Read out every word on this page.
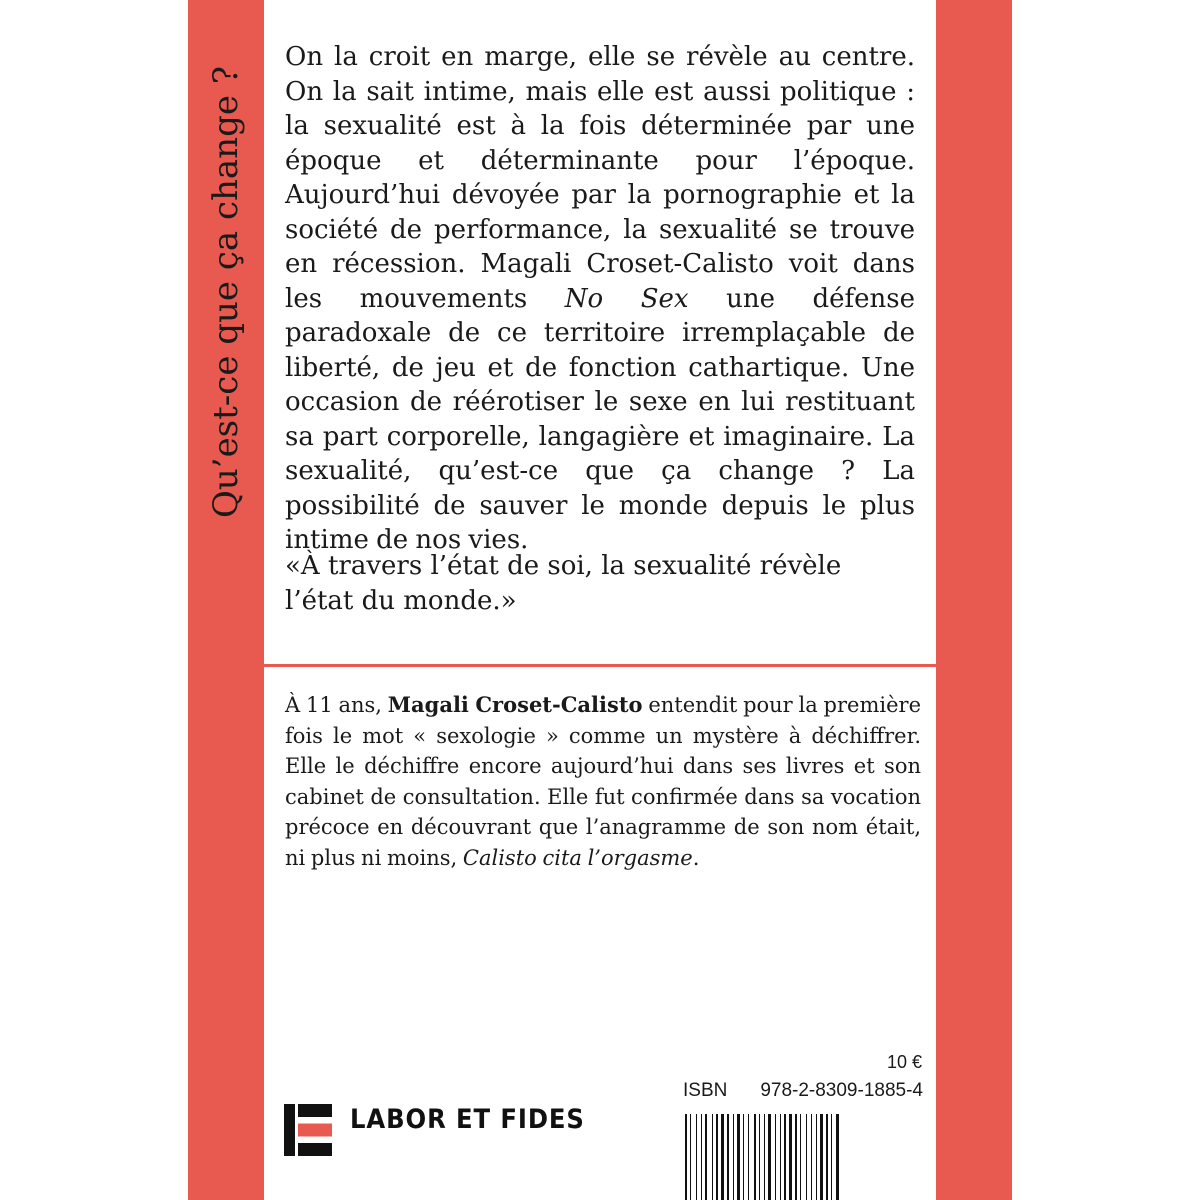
Qu’est-ce que ça change ?

On la croit en marge, elle se révèle au centre. On la sait intime, mais elle est aussi politique : la sexualité est à la fois déterminée par une époque et déterminante pour l’époque. Aujourd’hui dévoyée par la pornographie et la société de performance, la sexualité se trouve en récession. Magali Croset-Calisto voit dans les mouvements No Sex une défense paradoxale de ce territoire irremplaçable de liberté, de jeu et de fonction cathartique. Une occasion de réérotiser le sexe en lui restituant sa part corporelle, langagière et imaginaire. La sexualité, qu’est-ce que ça change ? La possibilité de sauver le monde depuis le plus intime de nos vies.

«À travers l’état de soi, la sexualité révèle l’état du monde.»

À 11 ans, Magali Croset-Calisto entendit pour la première fois le mot « sexologie » comme un mystère à déchiffrer. Elle le déchiffre encore aujourd’hui dans ses livres et son cabinet de consultation. Elle fut confirmée dans sa vocation précoce en découvrant que l’anagramme de son nom était, ni plus ni moins, Calisto cita l’orgasme.

LABOR ET FIDES
10 €
ISBN 978-2-8309-1885-4
